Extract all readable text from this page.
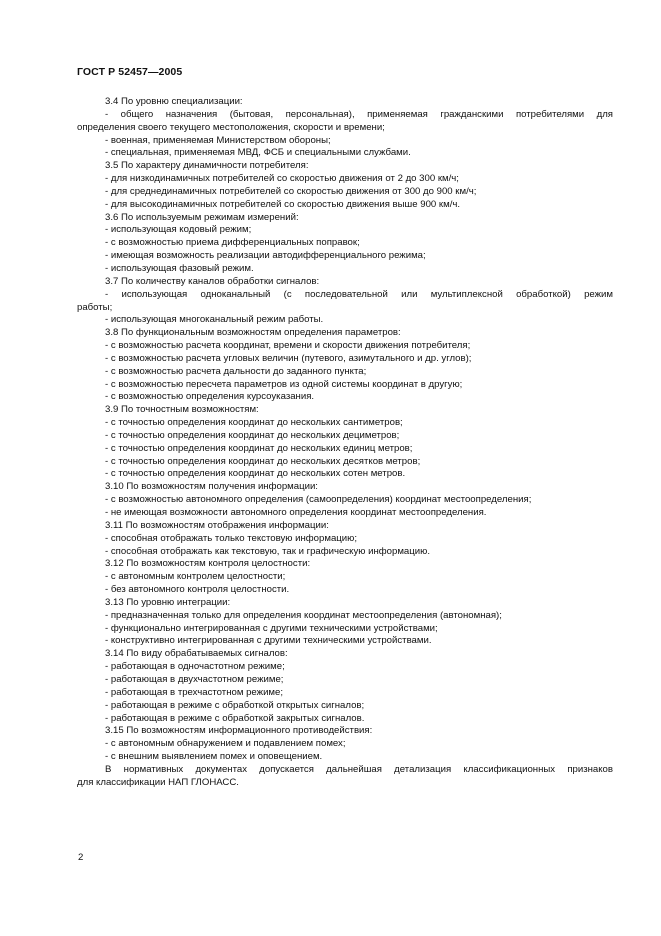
ГОСТ Р 52457—2005
3.4 По уровню специализации:
- общего назначения (бытовая, персональная), применяемая гражданскими потребителями для
определения своего текущего местоположения, скорости и времени;
- военная, применяемая Министерством обороны;
- специальная, применяемая МВД, ФСБ и специальными службами.
3.5 По характеру динамичности потребителя:
- для низкодинамичных потребителей со скоростью движения от 2 до 300 км/ч;
- для среднединамичных потребителей со скоростью движения от 300 до 900 км/ч;
- для высокодинамичных потребителей со скоростью движения выше 900 км/ч.
3.6 По используемым режимам измерений:
- использующая кодовый режим;
- с возможностью приема дифференциальных поправок;
- имеющая возможность реализации автодифференциального режима;
- использующая фазовый режим.
3.7 По количеству каналов обработки сигналов:
- использующая одноканальный (с последовательной или мультиплексной обработкой) режим
работы;
- использующая многоканальный режим работы.
3.8 По функциональным возможностям определения параметров:
- с возможностью расчета координат, времени и скорости движения потребителя;
- с возможностью расчета угловых величин (путевого, азимутального и др. углов);
- с возможностью расчета дальности до заданного пункта;
- с возможностью пересчета параметров из одной системы координат в другую;
- с возможностью определения курсоуказания.
3.9 По точностным возможностям:
- с точностью определения координат до нескольких сантиметров;
- с точностью определения координат до нескольких дециметров;
- с точностью определения координат до нескольких единиц метров;
- с точностью определения координат до нескольких десятков метров;
- с точностью определения координат до нескольких сотен метров.
3.10 По возможностям получения информации:
- с возможностью автономного определения (самоопределения) координат местоопределения;
- не имеющая возможности автономного определения координат местоопределения.
3.11 По возможностям отображения информации:
- способная отображать только текстовую информацию;
- способная отображать как текстовую, так и графическую информацию.
3.12 По возможностям контроля целостности:
- с автономным контролем целостности;
- без автономного контроля целостности.
3.13 По уровню интеграции:
- предназначенная только для определения координат местоопределения (автономная);
- функционально интегрированная с другими техническими устройствами;
- конструктивно интегрированная с другими техническими устройствами.
3.14 По виду обрабатываемых сигналов:
- работающая в одночастотном режиме;
- работающая в двухчастотном режиме;
- работающая в трехчастотном режиме;
- работающая в режиме с обработкой открытых сигналов;
- работающая в режиме с обработкой закрытых сигналов.
3.15 По возможностям информационного противодействия:
- с автономным обнаружением и подавлением помех;
- с внешним выявлением помех и оповещением.
В нормативных документах допускается дальнейшая детализация классификационных признаков
для классификации НАП ГЛОНАСС.
2
